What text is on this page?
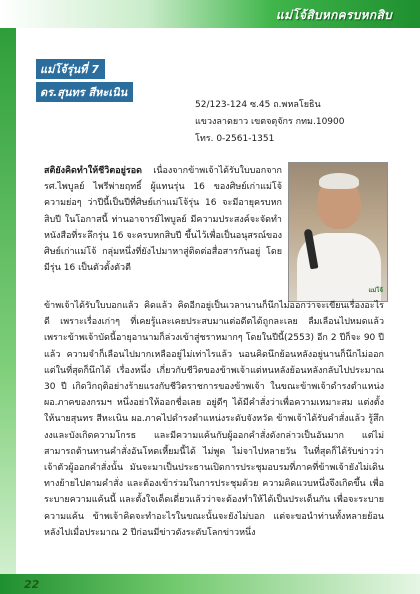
แม่โจ้สิบหกครบหกสิบ
แม่โจ้รุ่นที่ 7
ดร.สุนทร สีหะเนิน
52/123-124 ซ.45 ถ.พหลโยธิน
แขวงลาดยาว เขตจตุจักร กทม.10900
โทร. 0-2561-1351
แม่โจ้

สติยังคิดทำให้ชีวิตอยู่รอด เนื่องจากข้าพเจ้าได้รับใบบอกจาก รศ.ไพบูลย์ ไพรีพ่ายฤทธิ์ ผู้แทนรุ่น 16 ของศิษย์เก่าแม่โจ้ ความย่อๆ ว่าปีนี้เป็นปีที่ศิษย์เก่าแม่โจ้รุ่น 16 จะมีอายุครบหกสิบปี ในโอกาสนี้ ท่านอาจารย์ไพบูลย์ มีความประสงค์จะจัดทำหนังสือที่ระลึกรุ่น 16 จะครบหกสิบปี ขึ้นไว้เพื่อเป็นอนุสรณ์ของศิษย์เก่าแม่โจ้ กลุ่มหนึ่งที่ยังไปมาหาสู่ติดต่อสื่อสารกันอยู่ โดยมีรุ่น 16 เป็นตัวตั้งตัวตี

ข้าพเจ้าได้รับใบบอกแล้ว คิดแล้ว คิดอีกอยู่เป็นเวลานานก็นึกไม่ออกว่าจะเขียนเรื่องอะไรดี เพราะเรื่องเก่าๆ ที่เคยรู้และเคยประสบมาแต่อดีตได้ถูกละเลย ลืมเลือนไปหมดแล้ว เพราะข้าพเจ้าบัดนี้อายุอานามก็ล่วงเข้าสู่ชราหมากๆ โดยในปีนี้(2553) อีก 2 ปีก็จะ 90 ปี แล้ว ความจำก็เลือนไปมากเหลืออยู่ไม่เท่าไรแล้ว นอนคิดนึกย้อนหลังอยู่นานก็นึกไม่ออก แต่ในที่สุดก็นึกได้ เรื่องหนึ่ง เกี่ยวกับชีวิตของข้าพเจ้าแต่หนหลังย้อนหลังกลับไปประมาณ 30 ปี เกิดวิกฤติอย่างร้ายแรงกับชีวิตราชการของข้าพเจ้า ในขณะข้าพเจ้าดำรงตำแหน่ง ผอ.ภาคของกรมฯ หนึ่งอย่าให้ออกชื่อเลย อยู่ดีๆ ได้มีคำสั่งว่าเพื่อความเหมาะสม แต่งตั้งให้นายสุนทร สีหะเนิน ผอ.ภาคไปดำรงตำแหน่งระดับจังหวัด ข้าพเจ้าได้รับคำสั่งแล้ว รู้สึกงงและบังเกิดความโกรธ และมีความแค้นกับผู้ออกคำสั่งดังกล่าวเป็นอันมาก แต่ไม่สามารถต้านทานคำสั่งอันโหดเหี้ยมนี้ได้ ไม่พูด ไม่จาไปหลายวัน ในที่สุดก็ได้รับข่าวว่าเจ้าตัวผู้ออกคำสั่งนั้น มันจะมาเป็นประธานเปิดการประชุมอบรมที่ภาคที่ข้าพเจ้ายังไม่เดินทางย้ายไปตามคำสั่ง และต้องเข้าร่วมในการประชุมด้วย ความคิดแวบหนึ่งจึงเกิดขึ้น เพื่อระบายความแค้นนี้ และตั้งใจเด็ดเดี่ยวแล้วว่าจะต้องทำให้ได้เป็นประเด็นกัน เพื่อจะระบายความแค้น ข้าพเจ้าคิดจะทำอะไรในขณะนั้นจะยังไม่บอก แต่จะขอนำท่านทั้งหลายย้อนหลังไปเมื่อประมาณ 2 ปีก่อนมีข่าวดังระดับโลกข่าวหนึ่ง

22
